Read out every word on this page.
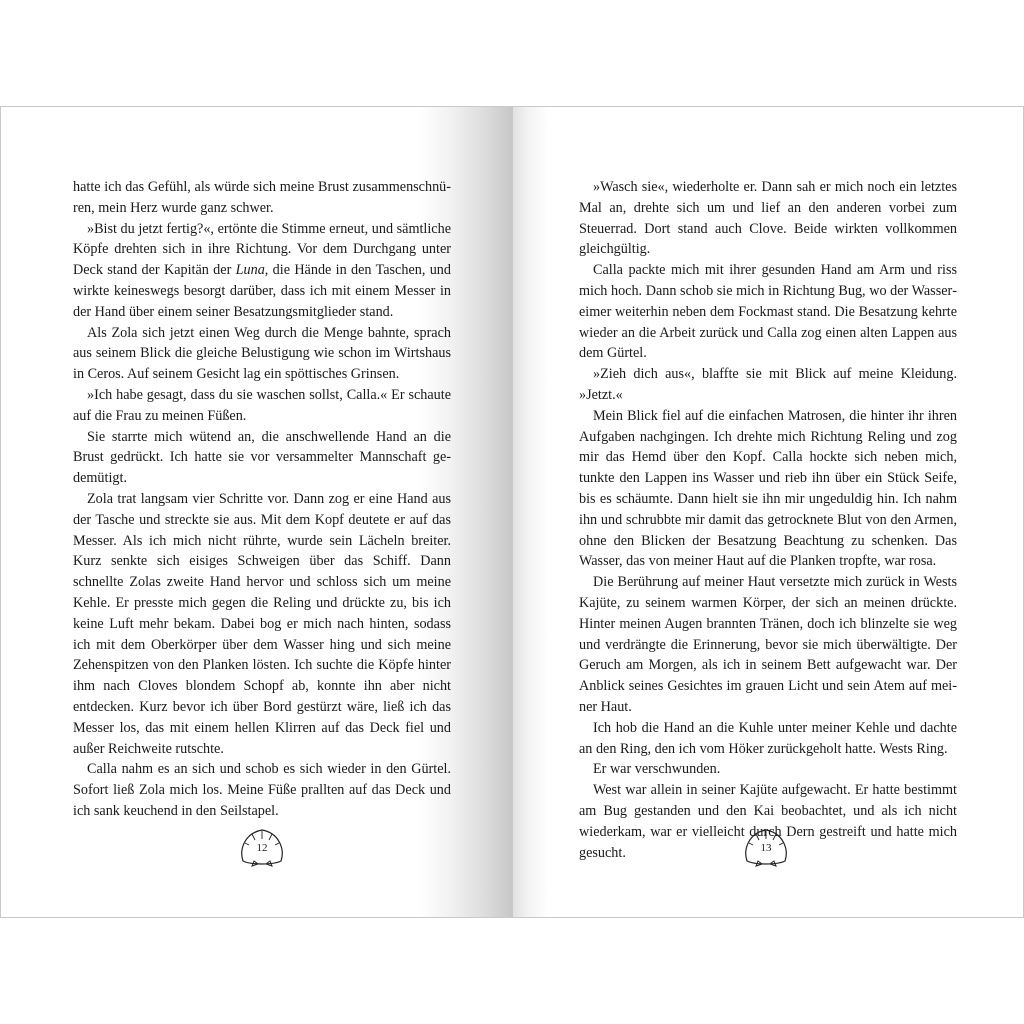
hatte ich das Gefühl, als würde sich meine Brust zusammenschnüren, mein Herz wurde ganz schwer.

»Bist du jetzt fertig?«, ertönte die Stimme erneut, und sämtliche Köpfe drehten sich in ihre Richtung. Vor dem Durchgang unter Deck stand der Kapitän der Luna, die Hände in den Taschen, und wirkte keineswegs besorgt darüber, dass ich mit einem Messer in der Hand über einem seiner Besatzungsmitglieder stand.

Als Zola sich jetzt einen Weg durch die Menge bahnte, sprach aus seinem Blick die gleiche Belustigung wie schon im Wirtshaus in Ceros. Auf seinem Gesicht lag ein spöttisches Grinsen.

»Ich habe gesagt, dass du sie waschen sollst, Calla.« Er schaute auf die Frau zu meinen Füßen.

Sie starrte mich wütend an, die anschwellende Hand an die Brust gedrückt. Ich hatte sie vor versammelter Mannschaft gedemütigt.

Zola trat langsam vier Schritte vor. Dann zog er eine Hand aus der Tasche und streckte sie aus. Mit dem Kopf deutete er auf das Messer. Als ich mich nicht rührte, wurde sein Lächeln breiter. Kurz senkte sich eisiges Schweigen über das Schiff. Dann schnellte Zolas zweite Hand hervor und schloss sich um meine Kehle. Er presste mich gegen die Reling und drückte zu, bis ich keine Luft mehr bekam. Dabei bog er mich nach hinten, sodass ich mit dem Oberkörper über dem Wasser hing und sich meine Zehenspitzen von den Planken lösten. Ich suchte die Köpfe hinter ihm nach Cloves blondem Schopf ab, konnte ihn aber nicht entdecken. Kurz bevor ich über Bord gestürzt wäre, ließ ich das Messer los, das mit einem hellen Klirren auf das Deck fiel und außer Reichweite rutschte.

Calla nahm es an sich und schob es sich wieder in den Gürtel. Sofort ließ Zola mich los. Meine Füße prallten auf das Deck und ich sank keuchend in den Seilstapel.

12

»Wasch sie«, wiederholte er. Dann sah er mich noch ein letztes Mal an, drehte sich um und lief an den anderen vorbei zum Steuerrad. Dort stand auch Clove. Beide wirkten vollkommen gleichgültig.

Calla packte mich mit ihrer gesunden Hand am Arm und riss mich hoch. Dann schob sie mich in Richtung Bug, wo der Wassereimer weiterhin neben dem Fockmast stand. Die Besatzung kehrte wieder an die Arbeit zurück und Calla zog einen alten Lappen aus dem Gürtel.

»Zieh dich aus«, blaffte sie mit Blick auf meine Kleidung. »Jetzt.«

Mein Blick fiel auf die einfachen Matrosen, die hinter ihr ihren Aufgaben nachgingen. Ich drehte mich Richtung Reling und zog mir das Hemd über den Kopf. Calla hockte sich neben mich, tunkte den Lappen ins Wasser und rieb ihn über ein Stück Seife, bis es schäumte. Dann hielt sie ihn mir ungeduldig hin. Ich nahm ihn und schrubbte mir damit das getrocknete Blut von den Armen, ohne den Blicken der Besatzung Beachtung zu schenken. Das Wasser, das von meiner Haut auf die Planken tropfte, war rosa.

Die Berührung auf meiner Haut versetzte mich zurück in Wests Kajüte, zu seinem warmen Körper, der sich an meinen drückte. Hinter meinen Augen brannten Tränen, doch ich blinzelte sie weg und verdrängte die Erinnerung, bevor sie mich überwältigte. Der Geruch am Morgen, als ich in seinem Bett aufgewacht war. Der Anblick seines Gesichtes im grauen Licht und sein Atem auf meiner Haut.

Ich hob die Hand an die Kuhle unter meiner Kehle und dachte an den Ring, den ich vom Höker zurückgeholt hatte. Wests Ring.

Er war verschwunden.

West war allein in seiner Kajüte aufgewacht. Er hatte bestimmt am Bug gestanden und den Kai beobachtet, und als ich nicht wiederkam, war er vielleicht durch Dern gestreift und hatte mich gesucht.	13
